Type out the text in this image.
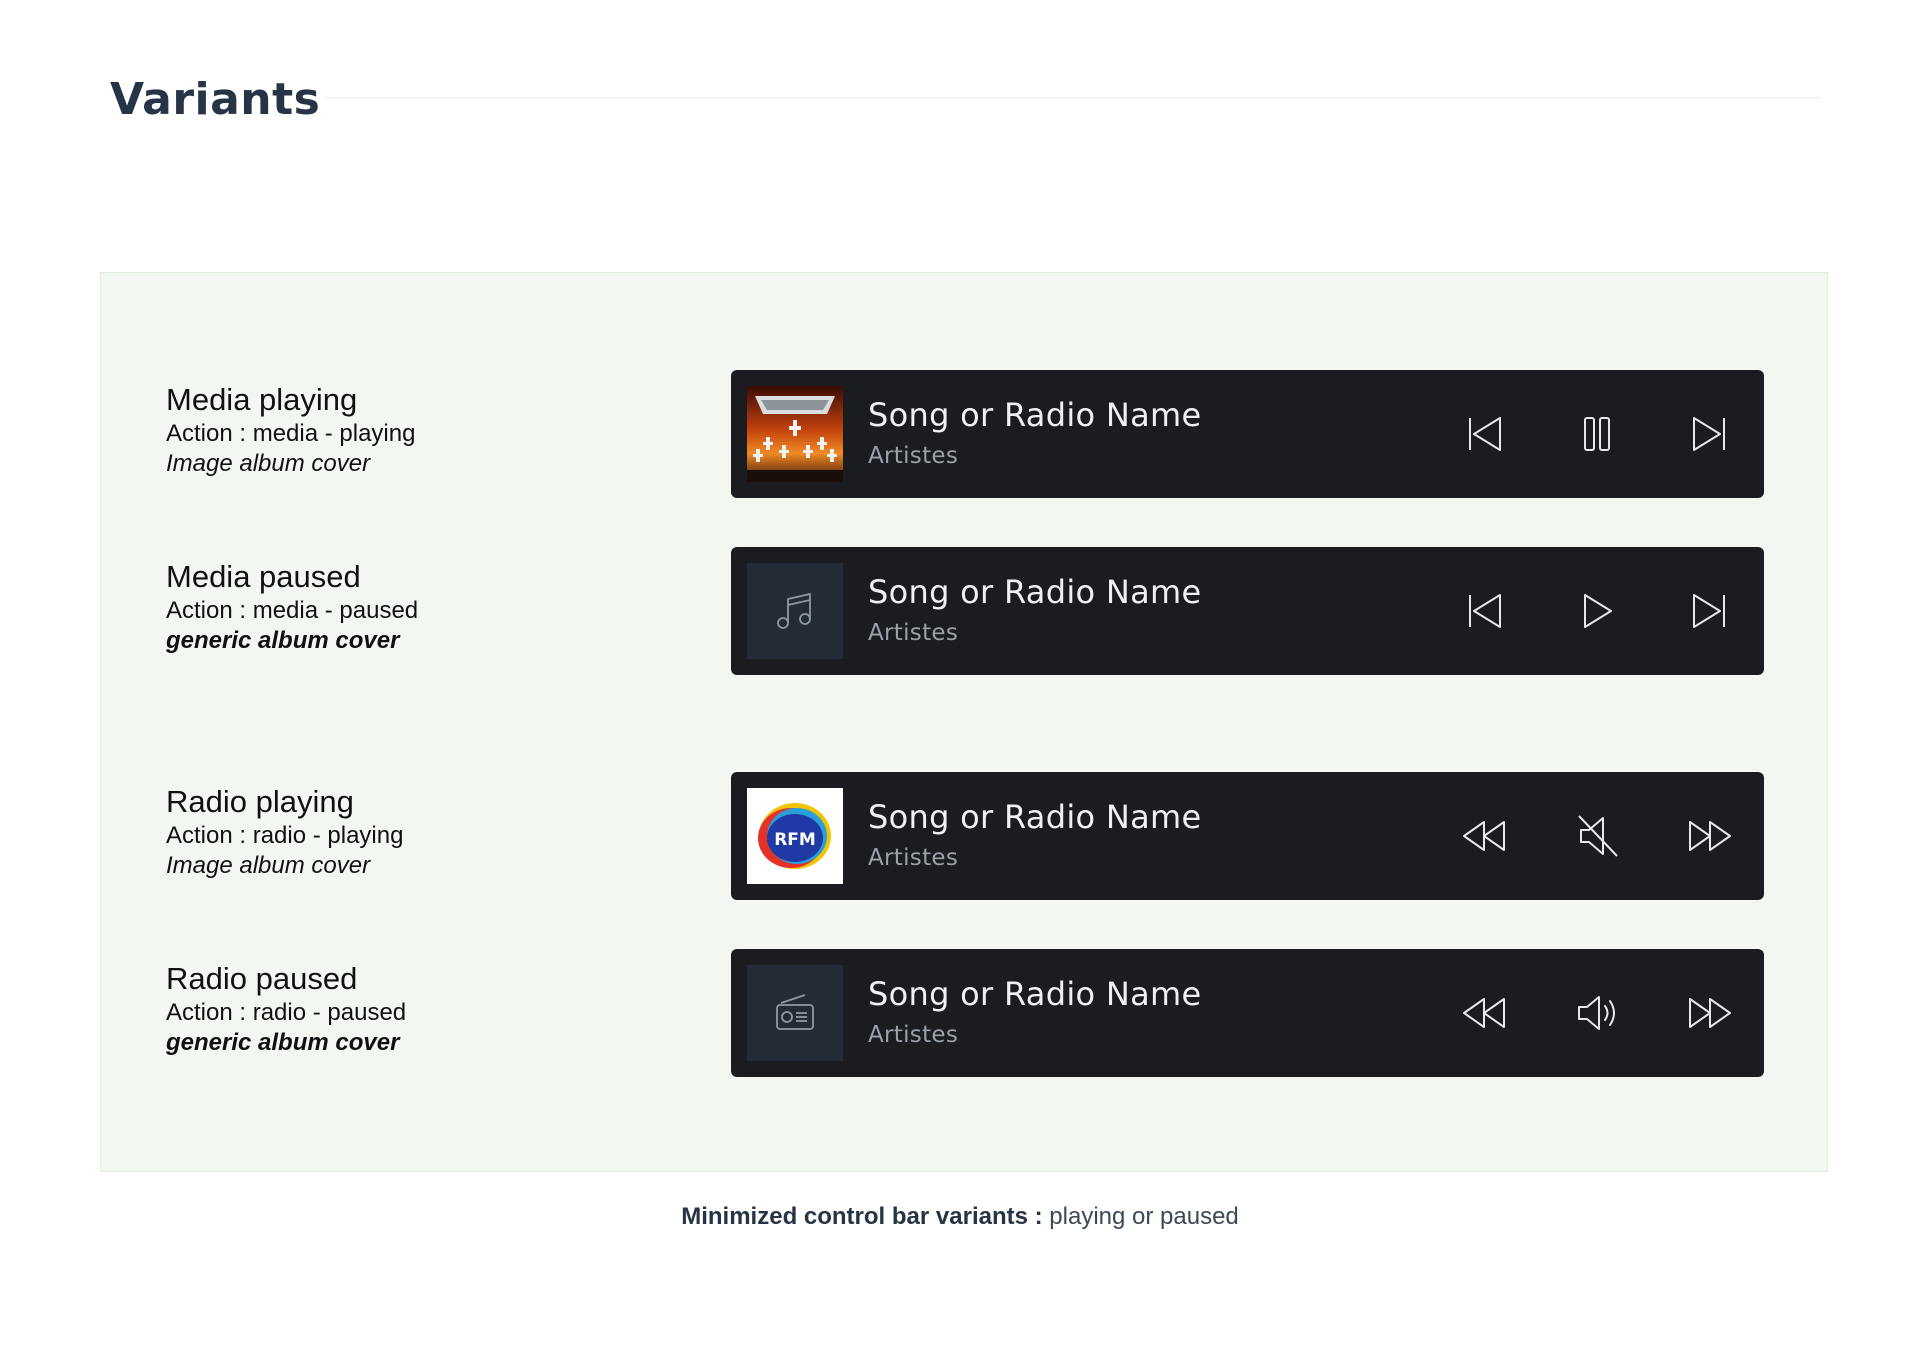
Variants
Media playing
Action : media - playing
Image album cover
Song or Radio Name
Artistes
Media paused
Action : media - paused
generic album cover
Song or Radio Name
Artistes
Radio playing
Action : radio - playing
Image album cover
RFM
Song or Radio Name
Artistes
Radio paused
Action : radio - paused
generic album cover
Song or Radio Name
Artistes
Minimized control bar variants : playing or paused
